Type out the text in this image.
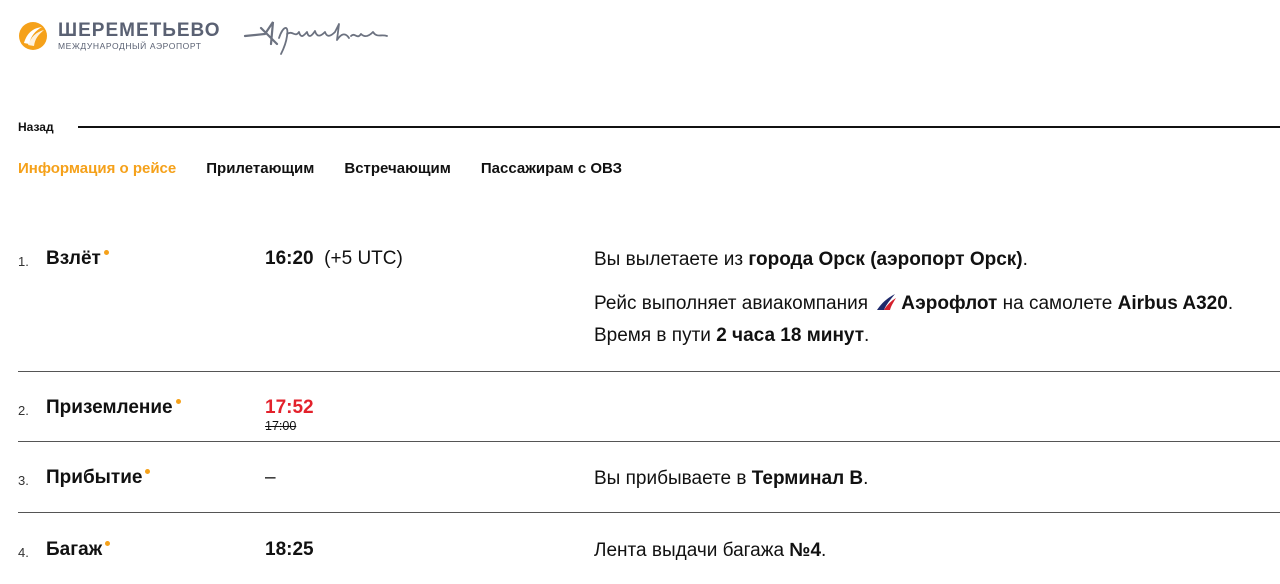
ШЕРЕМЕТЬЕВО
МЕЖДУНАРОДНЫЙ АЭРОПОРТ
Назад
Информация о рейсе Прилетающим Встречающим Пассажирам с ОВЗ
1. Взлёт	16:20 (+5 UTC)	Вы вылетаете из города Орск (аэропорт Орск).

Рейс выполняет авиакомпания Аэрофлот на самолете Airbus A320. Время в пути 2 часа 18 минут.

2. Приземление	17:52
17:00
3. Прибытие	–	Вы прибываете в Терминал B.

4. Багаж	18:25	Лента выдачи багажа №4.
